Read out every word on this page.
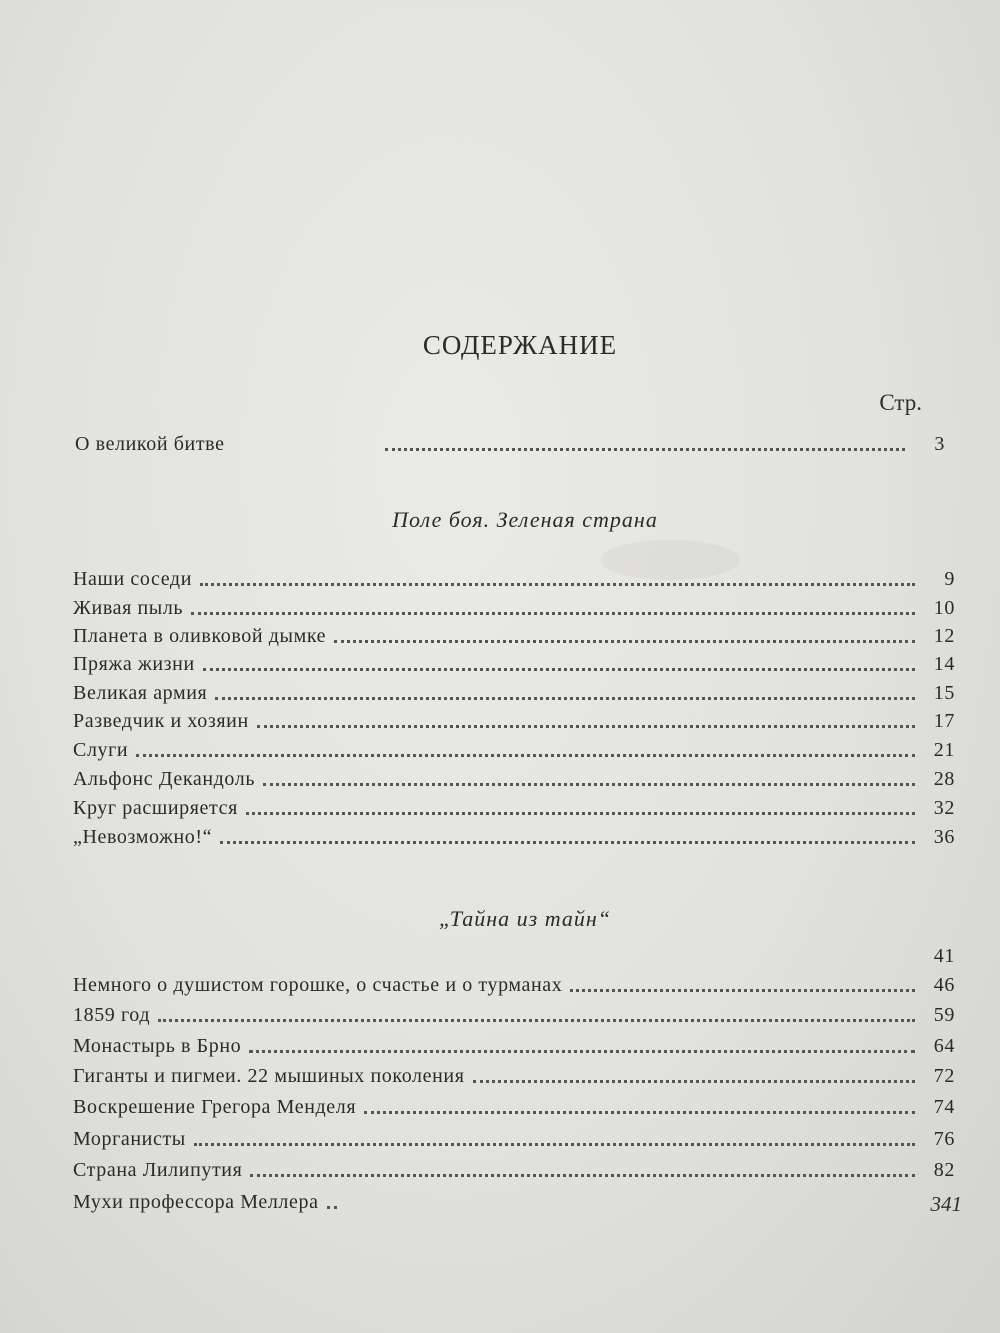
СОДЕРЖАНИЕ
Стр.
О великой битве	3
Поле боя. Зеленая страна
Наши соседи	9
Живая пыль	10
Планета в оливковой дымке	12
Пряжа жизни	14
Великая армия	15
Разведчик и хозяин	17
Слуги	21
Альфонс Декандоль	28
Круг расширяется	32
„Невозможно!“	36
„Тайна из тайн“
41
Немного о душистом горошке, о счастье и о турманах	46
1859 год	59
Монастырь в Брно	64
Гиганты и пигмеи. 22 мышиных поколения	72
Воскрешение Грегора Менделя	74
Морганисты	76
Страна Лилипутия	82
Мухи профессора Меллера	341
